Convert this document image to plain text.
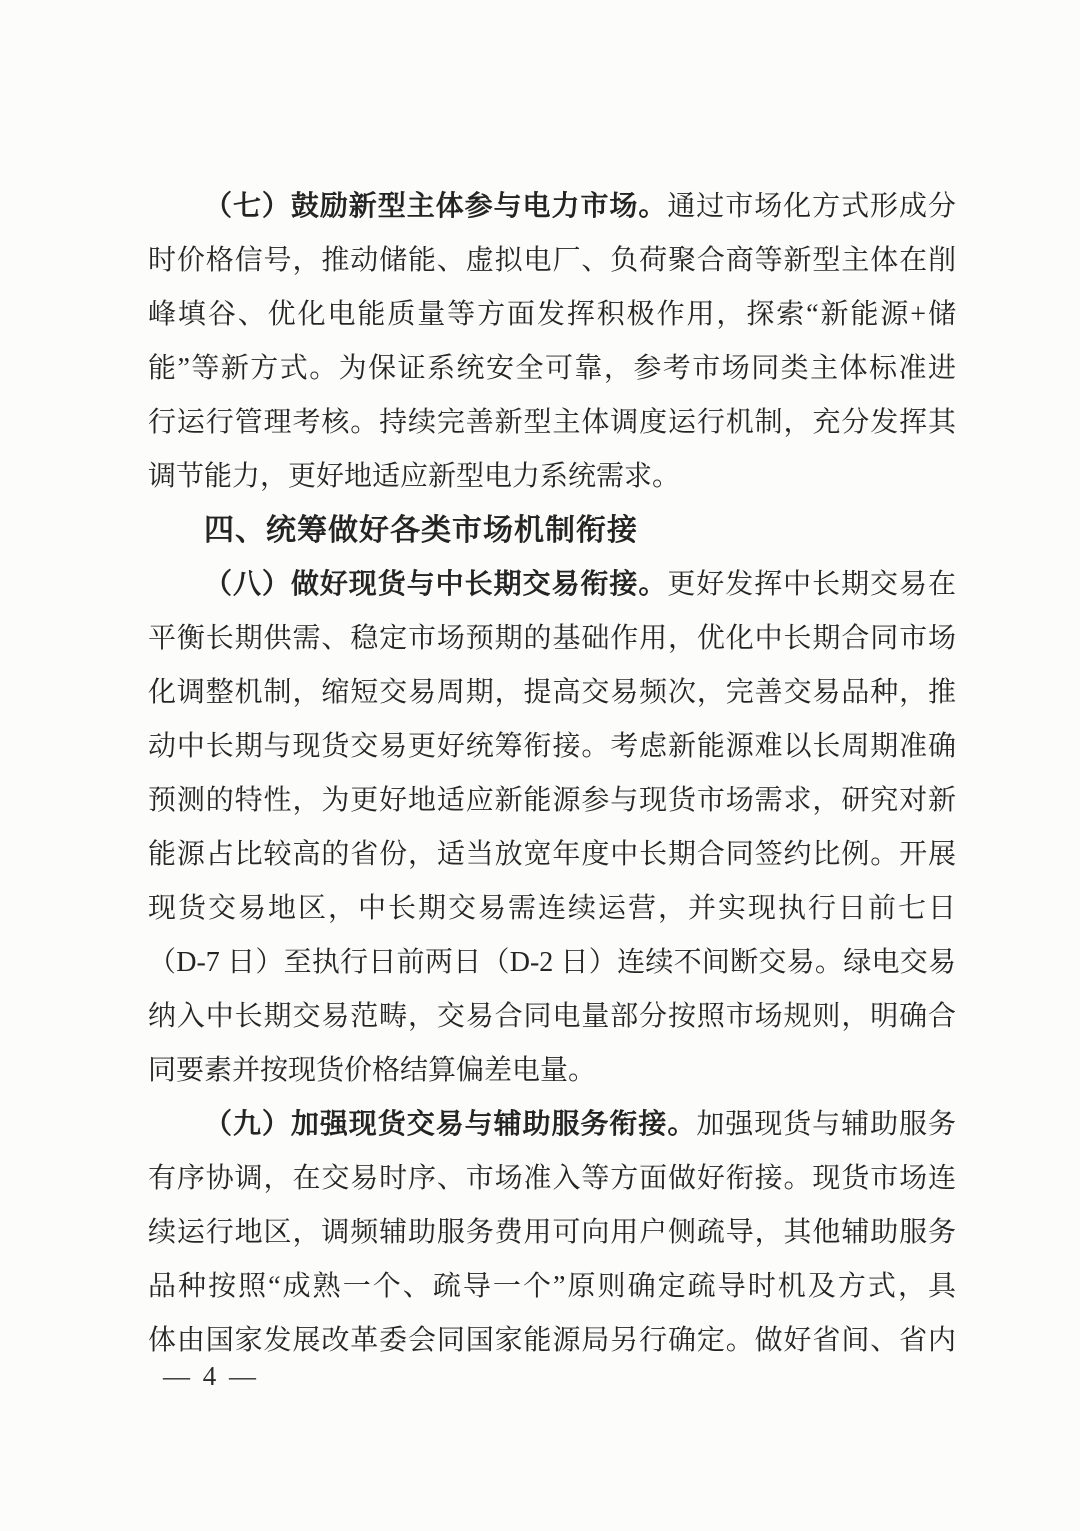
（七）鼓励新型主体参与电力市场。通过市场化方式形成分
时价格信号，推动储能、虚拟电厂、负荷聚合商等新型主体在削
峰填谷、优化电能质量等方面发挥积极作用，探索“新能源+储
能”等新方式。为保证系统安全可靠，参考市场同类主体标准进
行运行管理考核。持续完善新型主体调度运行机制，充分发挥其
调节能力，更好地适应新型电力系统需求。
四、统筹做好各类市场机制衔接
（八）做好现货与中长期交易衔接。更好发挥中长期交易在
平衡长期供需、稳定市场预期的基础作用，优化中长期合同市场
化调整机制，缩短交易周期，提高交易频次，完善交易品种，推
动中长期与现货交易更好统筹衔接。考虑新能源难以长周期准确
预测的特性，为更好地适应新能源参与现货市场需求，研究对新
能源占比较高的省份，适当放宽年度中长期合同签约比例。开展
现货交易地区，中长期交易需连续运营，并实现执行日前七日
（D-7 日）至执行日前两日（D-2 日）连续不间断交易。绿电交易
纳入中长期交易范畴，交易合同电量部分按照市场规则，明确合
同要素并按现货价格结算偏差电量。
（九）加强现货交易与辅助服务衔接。加强现货与辅助服务
有序协调，在交易时序、市场准入等方面做好衔接。现货市场连
续运行地区，调频辅助服务费用可向用户侧疏导，其他辅助服务
品种按照“成熟一个、疏导一个”原则确定疏导时机及方式，具
体由国家发展改革委会同国家能源局另行确定。做好省间、省内
— 4 —
